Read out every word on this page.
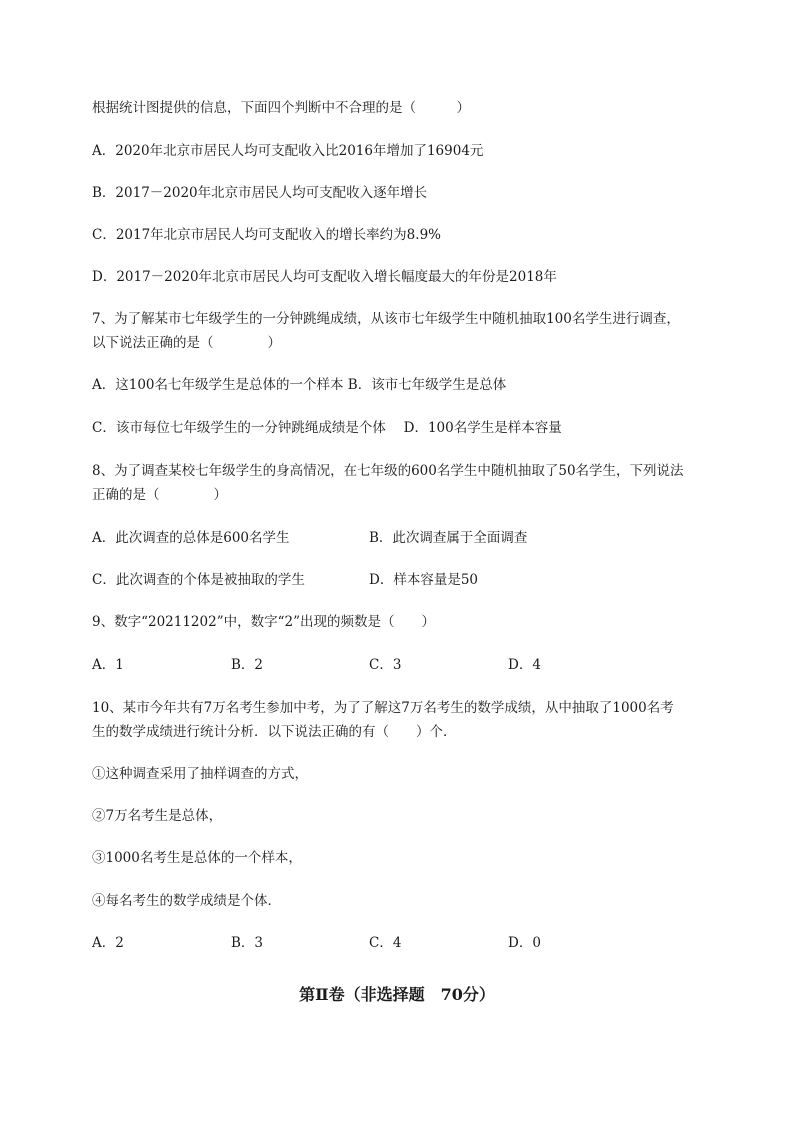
根据统计图提供的信息，下面四个判断中不合理的是（　　　）
A．2020年北京市居民人均可支配收入比2016年增加了16904元
B．2017－2020年北京市居民人均可支配收入逐年增长
C．2017年北京市居民人均可支配收入的增长率约为8.9%
D．2017－2020年北京市居民人均可支配收入增长幅度最大的年份是2018年
7、为了解某市七年级学生的一分钟跳绳成绩，从该市七年级学生中随机抽取100名学生进行调查，
以下说法正确的是（　　　　）
A．这100名七年级学生是总体的一个样本 B．该市七年级学生是总体
C．该市每位七年级学生的一分钟跳绳成绩是个体　 D．100名学生是样本容量
8、为了调查某校七年级学生的身高情况，在七年级的600名学生中随机抽取了50名学生，下列说法
正确的是（　　　　）
A．此次调查的总体是600名学生	B．此次调查属于全面调查
C．此次调查的个体是被抽取的学生	D．样本容量是50
9、数字“20211202”中，数字“2”出现的频数是（　　）
A．1	B．2	C．3	D．4
10、某市今年共有7万名考生参加中考，为了了解这7万名考生的数学成绩，从中抽取了1000名考
生的数学成绩进行统计分析．以下说法正确的有（　　）个．
①这种调查采用了抽样调查的方式，
②7万名考生是总体，
③1000名考生是总体的一个样本，
④每名考生的数学成绩是个体．
A．2	B．3	C．4	D．0
第Ⅱ卷（非选择题　70分）
